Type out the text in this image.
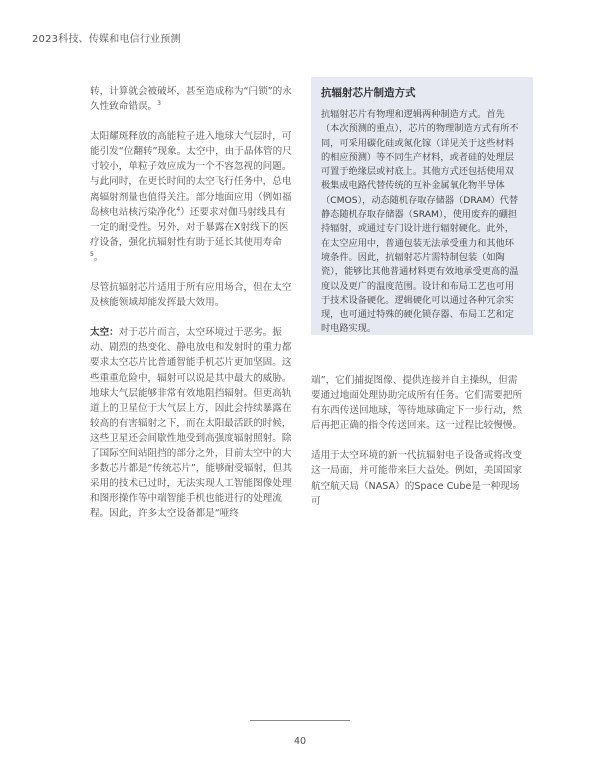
2023科技、传媒和电信行业预测

转，计算就会被破坏，甚至造成称为“闩锁”的永久性致命错误。$^3$

太阳耀斑释放的高能粒子进入地球大气层时，可能引发“位翻转”现象。太空中，由于晶体管的尺寸较小，单粒子效应成为一个不容忽视的问题。与此同时，在更长时间的太空飞行任务中，总电离辐射剂量也值得关注。部分地面应用（例如福岛核电站核污染净化$^4$）还要求对伽马射线具有一定的耐受性。另外，对于暴露在X射线下的医疗设备，强化抗辐射性有助于延长其使用寿命$^5$。

尽管抗辐射芯片适用于所有应用场合，但在太空及核能领域却能发挥最大效用。

太空：对于芯片而言，太空环境过于恶劣。振动、剧烈的热变化、静电放电和发射时的重力都要求太空芯片比普通智能手机芯片更加坚固。这些重重危险中，辐射可以说是其中最大的威胁。地球大气层能够非常有效地阻挡辐射。但更高轨道上的卫星位于大气层上方，因此会持续暴露在较高的有害辐射之下，而在太阳最活跃的时候，这些卫星还会间歇性地受到高强度辐射照射。除了国际空间站阻挡的部分之外，目前太空中的大多数芯片都是“传统芯片”，能够耐受辐射，但其采用的技术已过时，无法实现人工智能图像处理和图形操作等中端智能手机也能进行的处理流程。因此，许多太空设备都是“哑终

抗辐射芯片制造方式

抗辐射芯片有物理和逻辑两种制造方式。首先（本次预测的重点），芯片的物理制造方式有所不同，可采用碳化硅或氮化镓（详见关于这些材料的相应预测）等不同生产材料，或者硅的处理层可置于绝缘层或衬底上。其他方式还包括使用双极集成电路代替传统的互补金属氧化物半导体（CMOS），动态随机存取存储器（DRAM）代替静态随机存取存储器（SRAM），使用废弃的硼担持辐射，或通过专门设计进行辐射硬化。此外，在太空应用中，普通包装无法承受重力和其他环境条件。因此，抗辐射芯片需特制包装（如陶瓷），能够比其他普通材料更有效地承受更高的温度以及更广的温度范围。设计和布局工艺也可用于技术设备硬化。逻辑硬化可以通过各种冗余实现，也可通过特殊的硬化锁存器、布局工艺和定时电路实现。

端”，它们捕捉图像、提供连接并自主操纵，但需要通过地面处理协助完成所有任务。它们需要把所有东西传送回地球，等待地球确定下一步行动，然后再把正确的指令传送回来。这一过程比较慢慢。

适用于太空环境的新一代抗辐射电子设备或将改变这一局面，并可能带来巨大益处。例如，美国国家航空航天局（NASA）的Space Cube是一种现场可

40
